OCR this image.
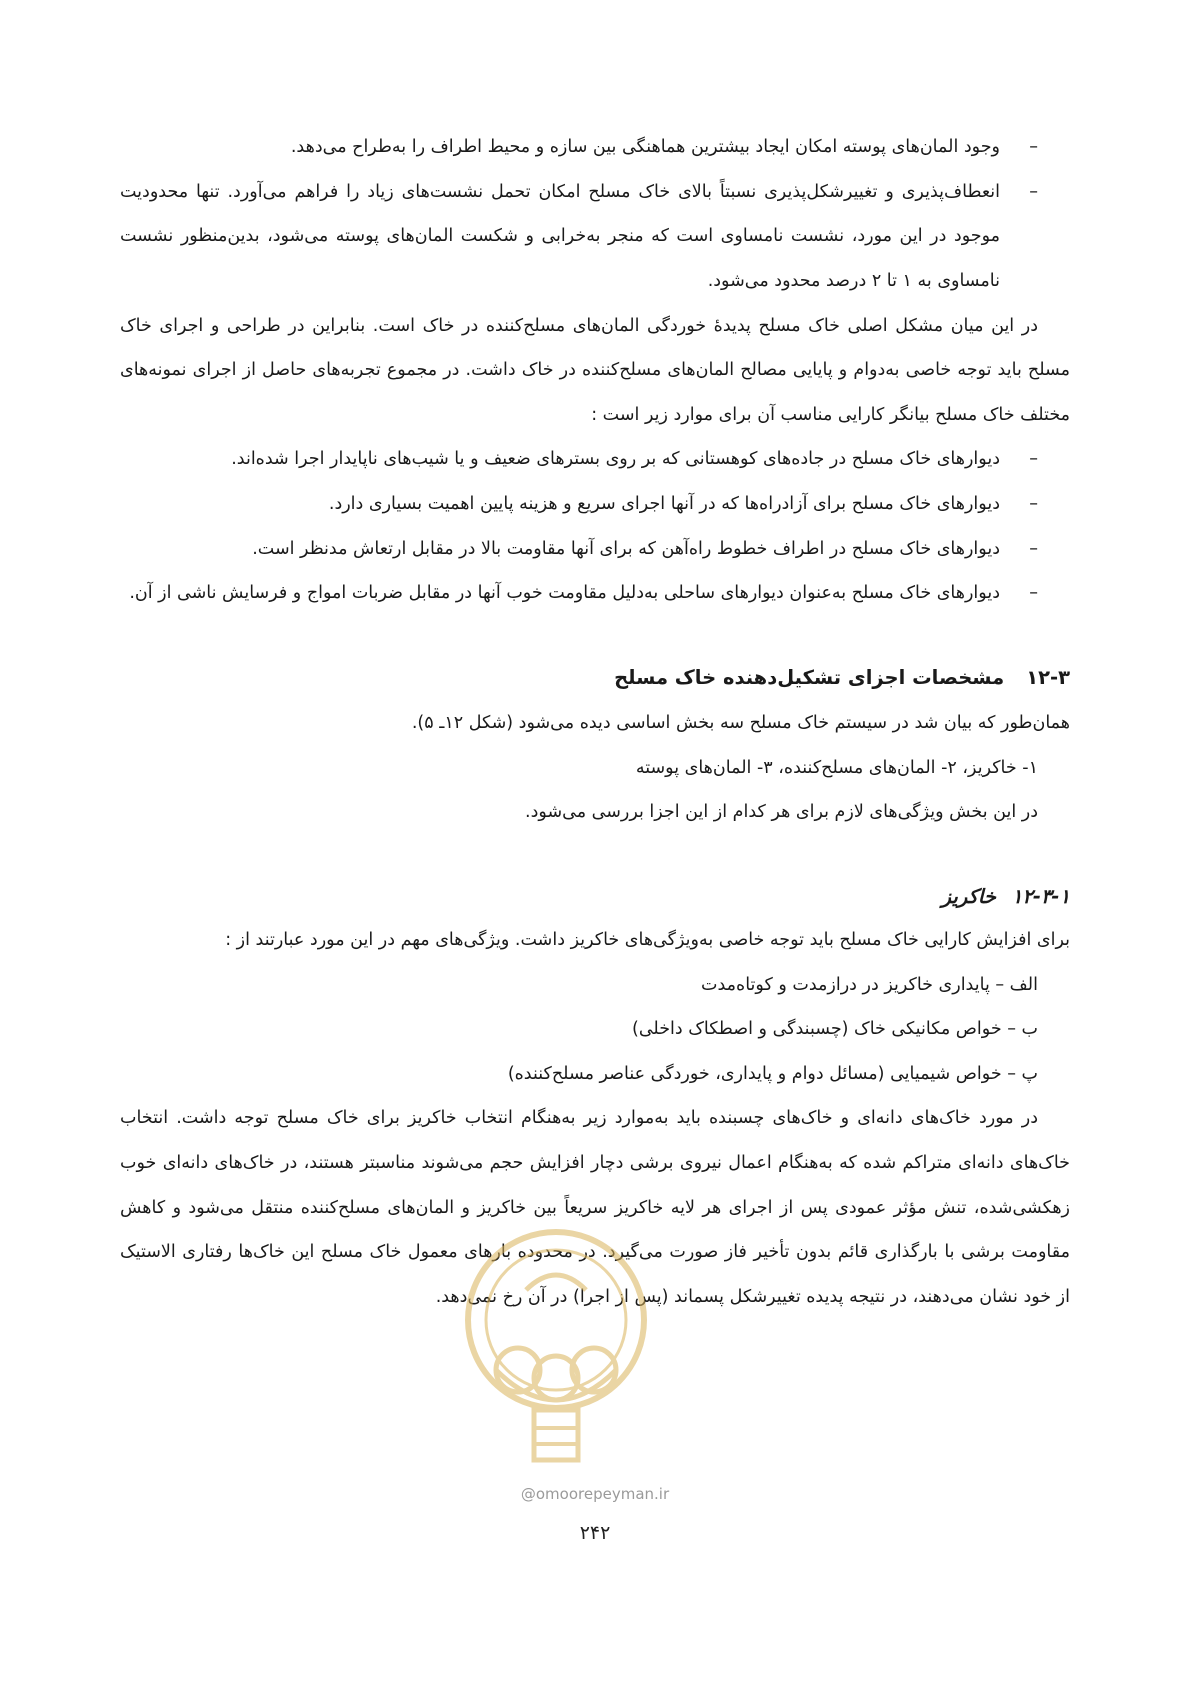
–
وجود المان‌های پوسته امکان ایجاد بیشترین هماهنگی بین سازه و محیط اطراف را به‌طراح می‌دهد.
–
انعطاف‌پذیری و تغییرشکل‌پذیری نسبتاً بالای خاک مسلح امکان تحمل نشست‌های زیاد را فراهم می‌آورد. تنها محدودیت موجود در این مورد، نشست نامساوی است که منجر به‌خرابی و شکست المان‌های پوسته می‌شود، بدین‌منظور نشست نامساوی به ۱ تا ۲ درصد محدود می‌شود.

در این میان مشکل اصلی خاک مسلح پدیدهٔ خوردگی المان‌های مسلح‌کننده در خاک است. بنابراین در طراحی و اجرای خاک مسلح باید توجه خاصی به‌دوام و پایایی مصالح المان‌های مسلح‌کننده در خاک داشت. در مجموع تجربه‌های حاصل از اجرای نمونه‌های مختلف خاک مسلح بیانگر کارایی مناسب آن برای موارد زیر است :

–
دیوارهای خاک مسلح در جاده‌های کوهستانی که بر روی بسترهای ضعیف و یا شیب‌های ناپایدار اجرا شده‌اند.
–
دیوارهای خاک مسلح برای آزادراه‌ها که در آنها اجرای سریع و هزینه پایین اهمیت بسیاری دارد.
–
دیوارهای خاک مسلح در اطراف خطوط راه‌آهن که برای آنها مقاومت بالا در مقابل ارتعاش مدنظر است.
–
دیوارهای خاک مسلح به‌عنوان دیوارهای ساحلی به‌دلیل مقاومت خوب آنها در مقابل ضربات امواج و فرسایش ناشی از آن.
۱۲-۳مشخصات اجزای تشکیل‌دهنده خاک مسلح

همان‌طور که بیان شد در سیستم خاک مسلح سه بخش اساسی دیده می‌شود (شکل ۱۲ـ ۵).

۱- خاکریز، ۲- المان‌های مسلح‌کننده، ۳- المان‌های پوسته
در این بخش ویژگی‌های لازم برای هر کدام از این اجزا بررسی می‌شود.
۱۲-۳-۱خاکریز

برای افزایش کارایی خاک مسلح باید توجه خاصی به‌ویژگی‌های خاکریز داشت. ویژگی‌های مهم در این مورد عبارتند از :

الف – پایداری خاکریز در درازمدت و کوتاه‌مدت
ب – خواص مکانیکی خاک (چسبندگی و اصطکاک داخلی)
پ – خواص شیمیایی (مسائل دوام و پایداری، خوردگی عناصر مسلح‌کننده)

در مورد خاک‌های دانه‌ای و خاک‌های چسبنده باید به‌موارد زیر به‌هنگام انتخاب خاکریز برای خاک مسلح توجه داشت. انتخاب خاک‌های دانه‌ای متراکم شده که به‌هنگام اعمال نیروی برشی دچار افزایش حجم می‌شوند مناسبتر هستند، در خاک‌های دانه‌ای خوب زهکشی‌شده، تنش مؤثر عمودی پس از اجرای هر لایه خاکریز سریعاً بین خاکریز و المان‌های مسلح‌کننده منتقل می‌شود و کاهش مقاومت برشی با بارگذاری قائم بدون تأخیر فاز صورت می‌گیرد. در محدوده بارهای معمول خاک مسلح این خاک‌ها رفتاری الاستیک از خود نشان می‌دهند، در نتیجه پدیده تغییرشکل پسماند (پس از اجرا) در آن رخ نمی‌دهد.

@omoorepeyman.ir
۲۴۲
